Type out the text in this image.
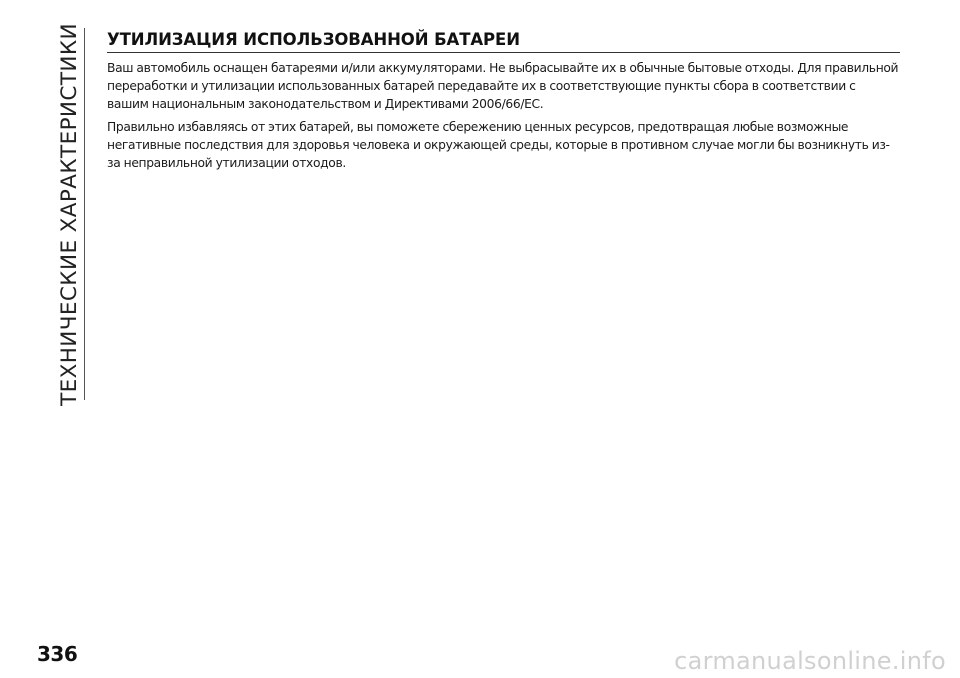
ТЕХНИЧЕСКИЕ ХАРАКТЕРИСТИКИ УТИЛИЗАЦИЯ ИСПОЛЬЗОВАННОЙ БАТАРЕИ

Ваш автомобиль оснащен батареями и/или аккумуляторами. Не выбрасывайте их в обычные бытовые отходы. Для правильной переработки и утилизации использованных батарей передавайте их в соответствующие пункты сбора в соответствии с вашим национальным законодательством и Директивами 2006/66/ЕС.

Правильно избавляясь от этих батарей, вы поможете сбережению ценных ресурсов, предотвращая любые возможные негативные последствия для здоровья человека и окружающей среды, которые в противном случае могли бы возникнуть из-за неправильной утилизации отходов.

336	carmanualsonline.info
